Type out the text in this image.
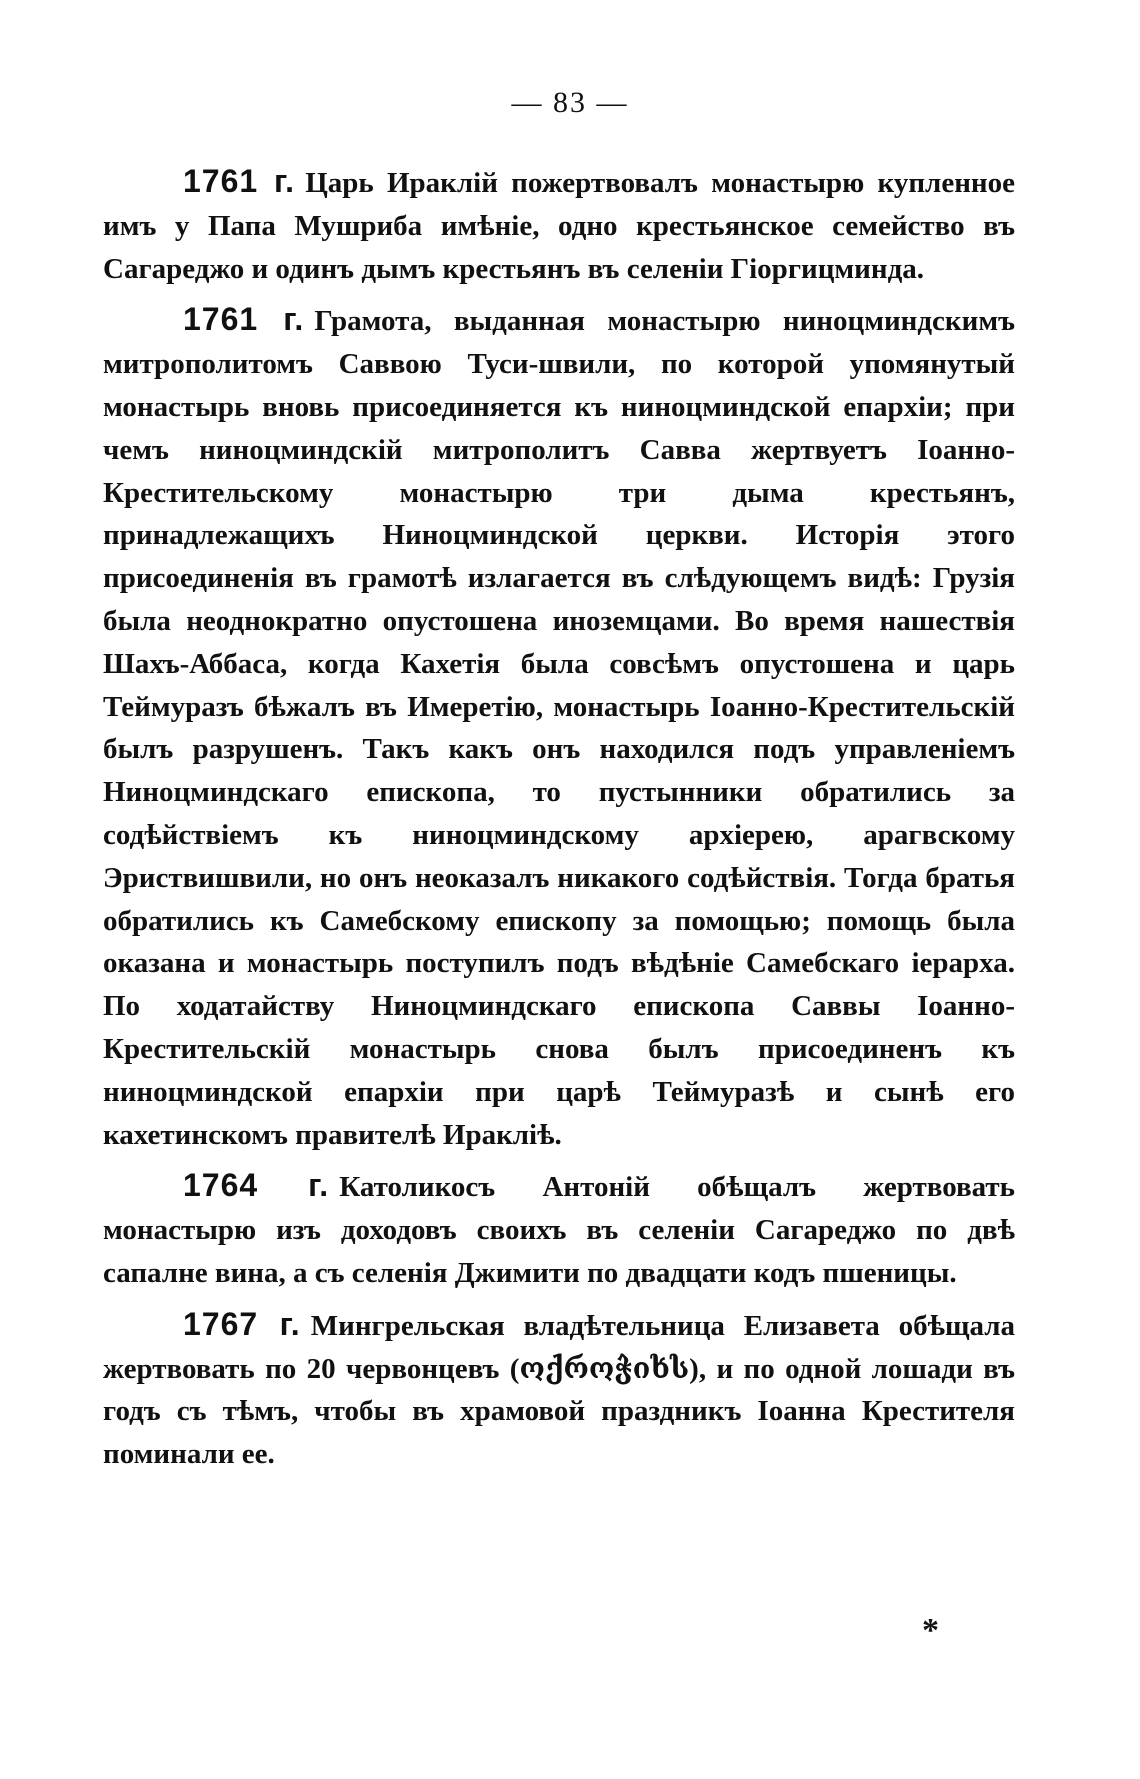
— 83 —

1761 г. Царь Ираклій пожертвовалъ монастырю купленное имъ у Папа Мушриба имѣніе, одно крестьянское семейство въ Сагареджо и одинъ дымъ крестьянъ въ селеніи Гіоргицминда.

1761 г. Грамота, выданная монастырю ниноцминдскимъ митрополитомъ Саввою Туси-швили, по которой упомянутый монастырь вновь присоединяется къ ниноцминдской епархіи; при чемъ ниноцминдскій митрополитъ Савва жертвуетъ Іоанно-Крестительскому монастырю три дыма крестьянъ, принадлежащихъ Ниноцминдской церкви. Исторія этого присоединенія въ грамотѣ излагается въ слѣдующемъ видѣ: Грузія была неоднократно опустошена иноземцами. Во время нашествія Шахъ-Аббаса, когда Кахетія была совсѣмъ опустошена и царь Теймуразъ бѣжалъ въ Имеретію, монастырь Іоанно-Крестительскій былъ разрушенъ. Такъ какъ онъ находился подъ управленіемъ Ниноцминдскаго епископа, то пустынники обратились за содѣйствіемъ къ ниноцминдскому архіерею, арагвскому Эриствишвили, но онъ неоказалъ никакого содѣйствія. Тогда братья обратились къ Самебскому епископу за помощью; помощь была оказана и монастырь поступилъ подъ вѣдѣніе Самебскаго іерарха. По ходатайству Ниноцминдскаго епископа Саввы Іоанно-Крестительскій монастырь снова былъ присоединенъ къ ниноцминдской епархіи при царѣ Теймуразѣ и сынѣ его кахетинскомъ правителѣ Ираклiѣ.

1764 г. Католикосъ Антоній обѣщалъ жертвовать монастырю изъ доходовъ своихъ въ селеніи Сагареджо по двѣ сапалне вина, а съ селенія Джимити по двадцати кодъ пшеницы.

1767 г. Мингрельская владѣтельница Елизавета обѣщала жертвовать по 20 червонцевъ (ოქროჭიხს), и по одной лошади въ годъ съ тѣмъ, чтобы въ храмовой праздникъ Іоанна Крестителя поминали ее.

*
